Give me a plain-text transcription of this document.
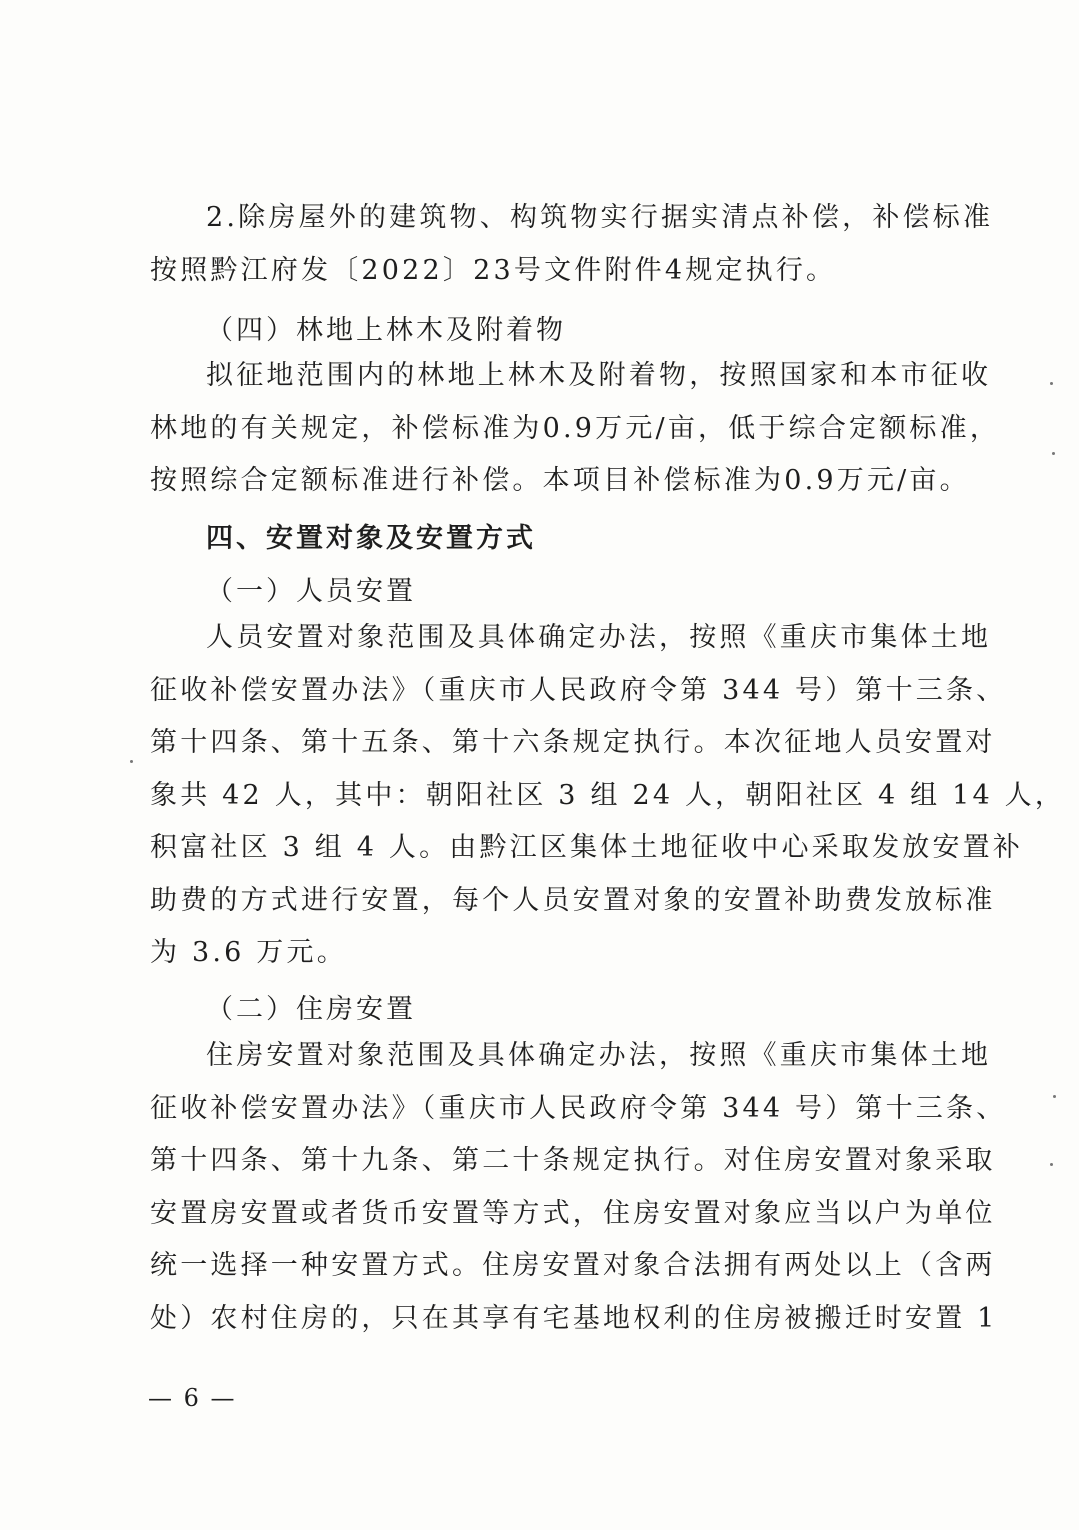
2.除房屋外的建筑物、构筑物实行据实清点补偿，补偿标准
按照黔江府发〔2022〕23号文件附件4规定执行。
（四）林地上林木及附着物
拟征地范围内的林地上林木及附着物，按照国家和本市征收
林地的有关规定，补偿标准为0.9万元/亩，低于综合定额标准，
按照综合定额标准进行补偿。本项目补偿标准为0.9万元/亩。
四、安置对象及安置方式
（一）人员安置
人员安置对象范围及具体确定办法，按照《重庆市集体土地
征收补偿安置办法》（重庆市人民政府令第 344 号）第十三条、
第十四条、第十五条、第十六条规定执行。本次征地人员安置对
象共 42 人，其中：朝阳社区 3 组 24 人，朝阳社区 4 组 14 人，
积富社区 3 组 4 人。由黔江区集体土地征收中心采取发放安置补
助费的方式进行安置，每个人员安置对象的安置补助费发放标准
为 3.6 万元。
（二）住房安置
住房安置对象范围及具体确定办法，按照《重庆市集体土地
征收补偿安置办法》（重庆市人民政府令第 344 号）第十三条、
第十四条、第十九条、第二十条规定执行。对住房安置对象采取
安置房安置或者货币安置等方式，住房安置对象应当以户为单位
统一选择一种安置方式。住房安置对象合法拥有两处以上（含两
处）农村住房的，只在其享有宅基地权利的住房被搬迁时安置 1
— 6 —
